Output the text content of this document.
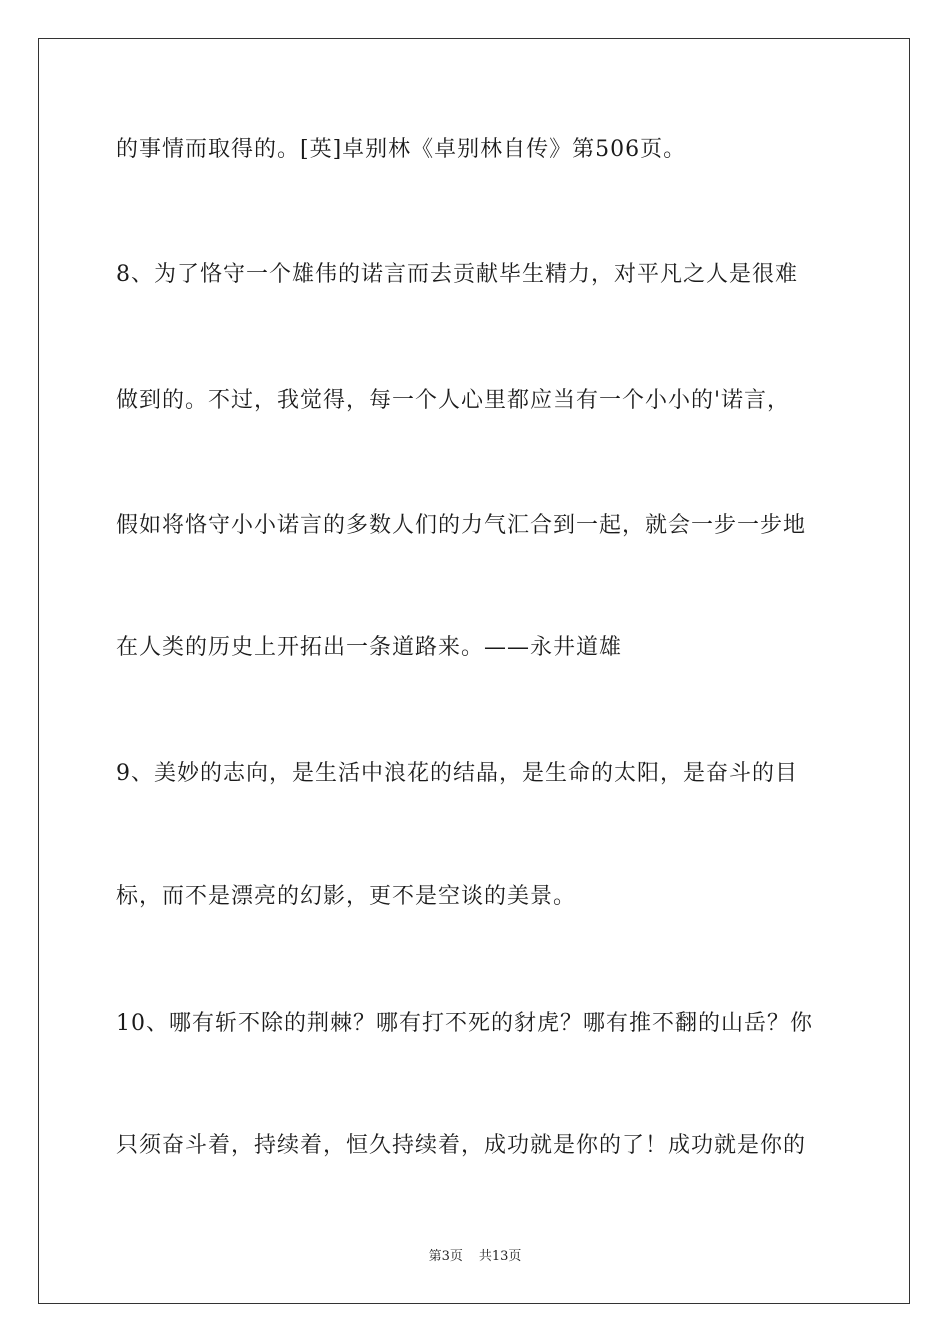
的事情而取得的。[英]卓别林《卓别林自传》第506页。
8、为了恪守一个雄伟的诺言而去贡献毕生精力，对平凡之人是很难
做到的。不过，我觉得，每一个人心里都应当有一个小小的'诺言，
假如将恪守小小诺言的多数人们的力气汇合到一起，就会一步一步地
在人类的历史上开拓出一条道路来。——永井道雄
9、美妙的志向，是生活中浪花的结晶，是生命的太阳，是奋斗的目
标，而不是漂亮的幻影，更不是空谈的美景。
10、哪有斩不除的荆棘？哪有打不死的豺虎？哪有推不翻的山岳？你
只须奋斗着，持续着，恒久持续着，成功就是你的了！成功就是你的
第3页 共13页
